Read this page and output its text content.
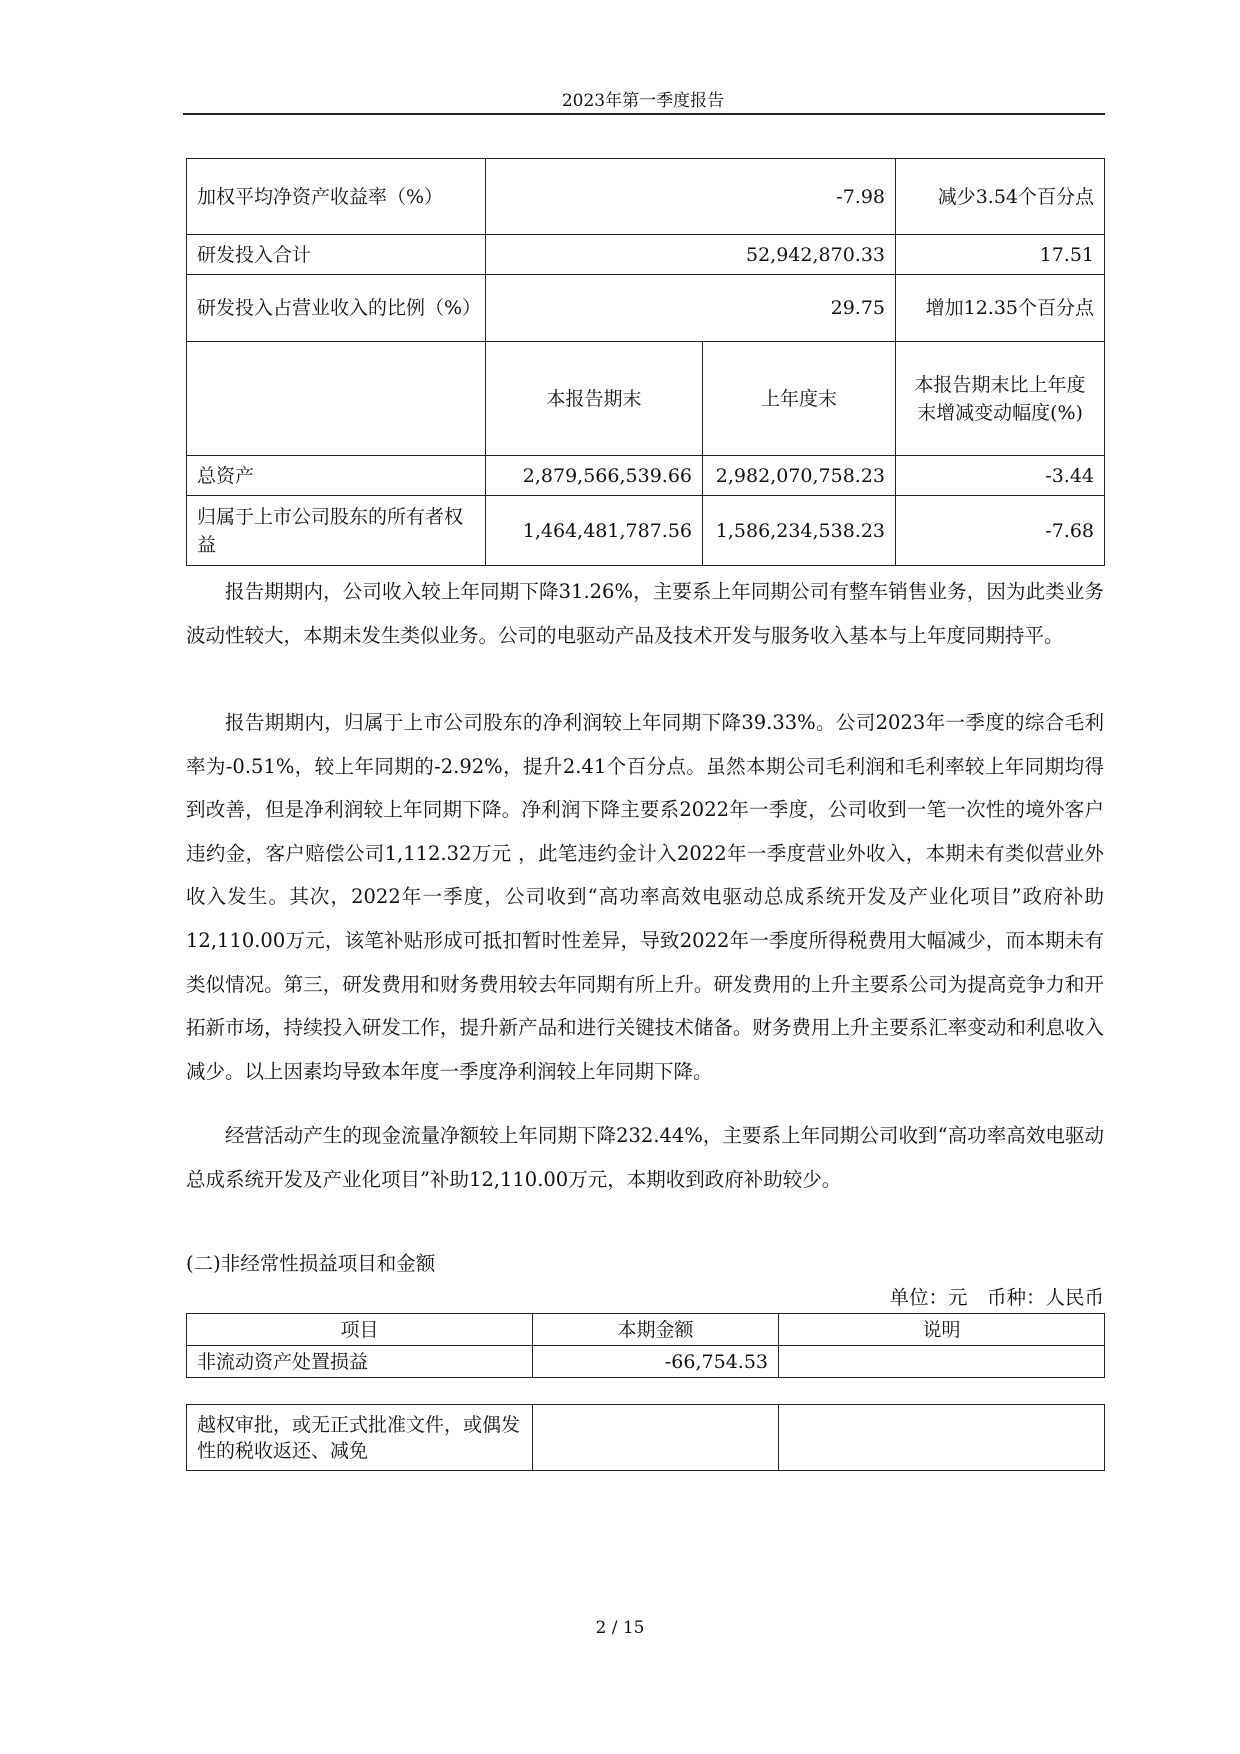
2023年第一季度报告
加权平均净资产收益率（%）	-7.98		减少3.54个百分点
研发投入合计	52,942,870.33		17.51
研发投入占营业收入的比例（%）	29.75		增加12.35个百分点
	本报告期末	上年度末	本报告期末比上年度末增减变动幅度(%)
总资产	2,879,566,539.66	2,982,070,758.23	-3.44
归属于上市公司股东的所有者权益	1,464,481,787.56	1,586,234,538.23	-7.68

报告期期内，公司收入较上年同期下降31.26%，主要系上年同期公司有整车销售业务，因为此类业务波动性较大，本期未发生类似业务。公司的电驱动产品及技术开发与服务收入基本与上年度同期持平。

报告期期内，归属于上市公司股东的净利润较上年同期下降39.33%。公司2023年一季度的综合毛利率为-0.51%，较上年同期的-2.92%，提升2.41个百分点。虽然本期公司毛利润和毛利率较上年同期均得到改善，但是净利润较上年同期下降。净利润下降主要系2022年一季度，公司收到一笔一次性的境外客户违约金，客户赔偿公司1,112.32万元 ，此笔违约金计入2022年一季度营业外收入，本期未有类似营业外收入发生。其次，2022年一季度，公司收到“高功率高效电驱动总成系统开发及产业化项目”政府补助12,110.00万元，该笔补贴形成可抵扣暂时性差异，导致2022年一季度所得税费用大幅减少，而本期未有类似情况。第三，研发费用和财务费用较去年同期有所上升。研发费用的上升主要系公司为提高竞争力和开拓新市场，持续投入研发工作，提升新产品和进行关键技术储备。财务费用上升主要系汇率变动和利息收入减少。以上因素均导致本年度一季度净利润较上年同期下降。

经营活动产生的现金流量净额较上年同期下降232.44%，主要系上年同期公司收到“高功率高效电驱动总成系统开发及产业化项目”补助12,110.00万元，本期收到政府补助较少。

(二)非经常性损益项目和金额

单位：元　币种：人民币
项目	本期金额	说明
非流动资产处置损益	-66,754.53	
越权审批，或无正式批准文件，或偶发性的税收返还、减免		
2 / 15
